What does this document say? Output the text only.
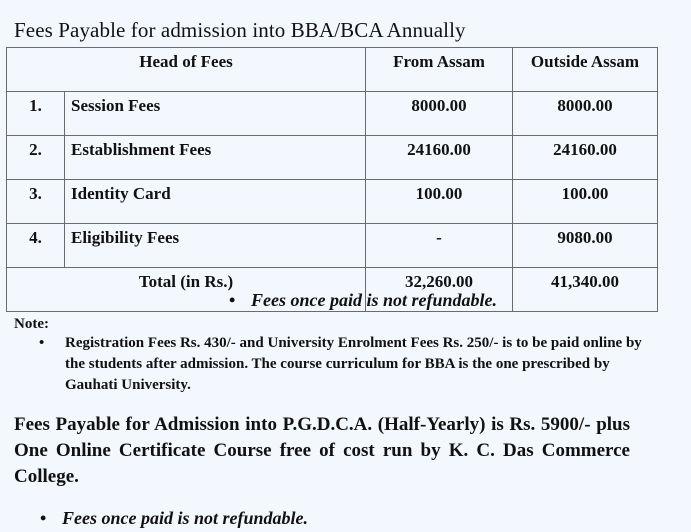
Fees Payable for admission into BBA/BCA Annually
Head of Fees		From Assam	Outside Assam
1.	Session Fees	8000.00	8000.00
2.	Establishment Fees	24160.00	24160.00
3.	Identity Card	100.00	100.00
4.	Eligibility Fees	-	9080.00
Total (in Rs.)		32,260.00	41,340.00
• Fees once paid is not refundable.
Note:
• Registration Fees Rs. 430/- and University Enrolment Fees Rs. 250/- is to be paid online by the students after admission. The course curriculum for BBA is the one prescribed by Gauhati University.

Fees Payable for Admission into P.G.D.C.A. (Half-Yearly) is Rs. 5900/- plus One Online Certificate Course free of cost run by K. C. Das Commerce College.
• Fees once paid is not refundable.
